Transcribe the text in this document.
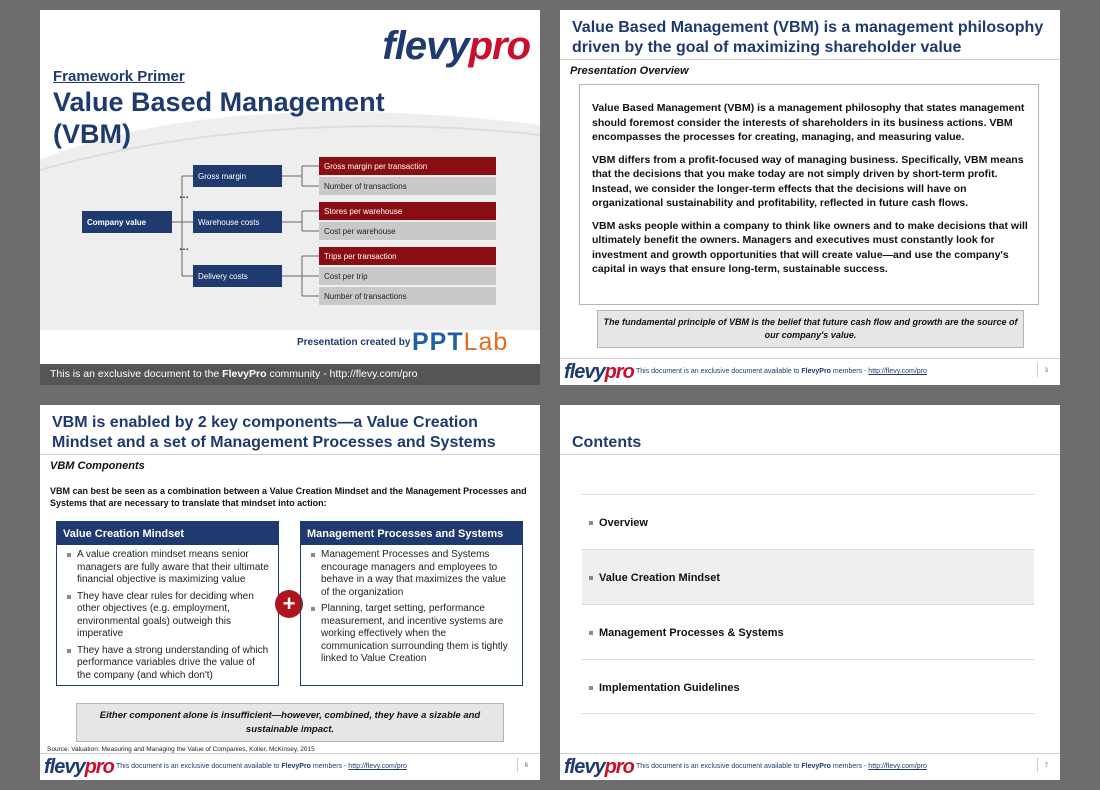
flevypro
Framework Primer
Value Based Management (VBM)
Company value
Gross margin
Warehouse costs
Delivery costs
…
…
Gross margin per transaction
Number of transactions
Stores per warehouse
Cost per warehouse
Trips per transaction
Cost per trip
Number of transactions
Presentation created by PPTLab
This is an exclusive document to the FlevyPro community - http://flevy.com/pro
Value Based Management (VBM) is a management philosophy driven by the goal of maximizing shareholder value
Presentation Overview

Value Based Management (VBM) is a management philosophy that states management should foremost consider the interests of shareholders in its business actions. VBM encompasses the processes for creating, managing, and measuring value.

VBM differs from a profit-focused way of managing business. Specifically, VBM means that the decisions that you make today are not simply driven by short-term profit. Instead, we consider the longer-term effects that the decisions will have on organizational sustainability and profitability, reflected in future cash flows.

VBM asks people within a company to think like owners and to make decisions that will ultimately benefit the owners. Managers and executives must constantly look for investment and growth opportunities that will create value—and use the company's capital in ways that ensure long-term, sustainable success.

The fundamental principle of VBM is the belief that future cash flow and growth are the source of our company's value.
flevypro This document is an exclusive document available to FlevyPro members - http://flevy.com/pro	3
VBM is enabled by 2 key components—a Value Creation Mindset and a set of Management Processes and Systems
VBM Components
VBM can best be seen as a combination between a Value Creation Mindset and the Management Processes and Systems that are necessary to translate that mindset into action:
Value Creation Mindset
A value creation mindset means senior managers are fully aware that their ultimate financial objective is maximizing value
They have clear rules for deciding when other objectives (e.g. employment, environmental goals) outweigh this imperative
They have a strong understanding of which performance variables drive the value of the company (and which don't)
+
Management Processes and Systems
Management Processes and Systems encourage managers and employees to behave in a way that maximizes the value of the organization
Planning, target setting, performance measurement, and incentive systems are working effectively when the communication surrounding them is tightly linked to Value Creation
Either component alone is insufficient—however, combined, they have a sizable and sustainable impact.
Source: Valuation: Measuring and Managing the Value of Companies, Koller, McKinsey, 2015
flevypro This document is an exclusive document available to FlevyPro members - http://flevy.com/pro	6
Contents
Overview
Value Creation Mindset
Management Processes & Systems
Implementation Guidelines
flevypro This document is an exclusive document available to FlevyPro members - http://flevy.com/pro	7
